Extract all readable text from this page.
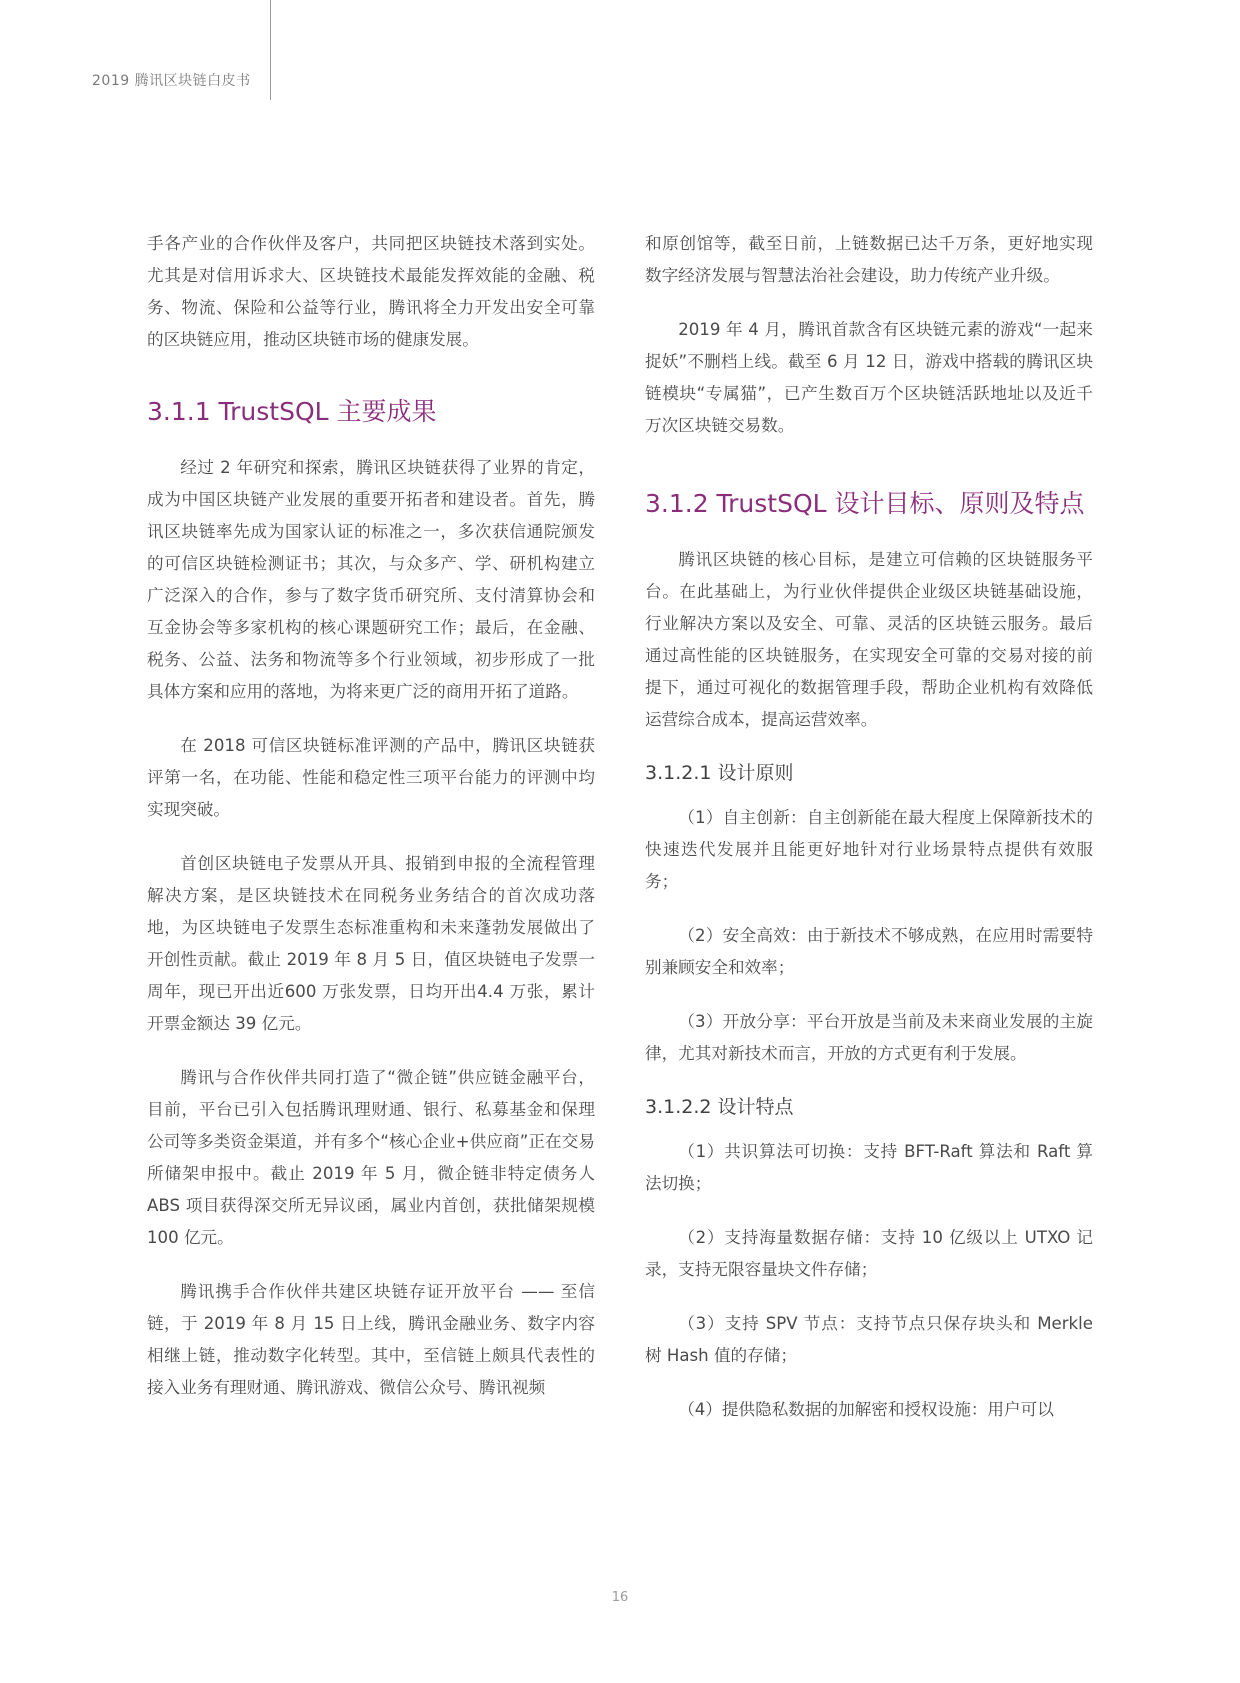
2019 腾讯区块链白皮书

手各产业的合作伙伴及客户，共同把区块链技术落到实处。尤其是对信用诉求大、区块链技术最能发挥效能的金融、税务、物流、保险和公益等行业，腾讯将全力开发出安全可靠的区块链应用，推动区块链市场的健康发展。

3.1.1 TrustSQL 主要成果

经过 2 年研究和探索，腾讯区块链获得了业界的肯定，成为中国区块链产业发展的重要开拓者和建设者。首先，腾讯区块链率先成为国家认证的标准之一，多次获信通院颁发的可信区块链检测证书；其次，与众多产、学、研机构建立广泛深入的合作，参与了数字货币研究所、支付清算协会和互金协会等多家机构的核心课题研究工作；最后，在金融、税务、公益、法务和物流等多个行业领域，初步形成了一批具体方案和应用的落地，为将来更广泛的商用开拓了道路。

在 2018 可信区块链标准评测的产品中，腾讯区块链获评第一名，在功能、性能和稳定性三项平台能力的评测中均实现突破。

首创区块链电子发票从开具、报销到申报的全流程管理解决方案，是区块链技术在同税务业务结合的首次成功落地，为区块链电子发票生态标准重构和未来蓬勃发展做出了开创性贡献。截止 2019 年 8 月 5 日，值区块链电子发票一周年，现已开出近600 万张发票，日均开出4.4 万张，累计开票金额达 39 亿元。

腾讯与合作伙伴共同打造了“微企链”供应链金融平台，目前，平台已引入包括腾讯理财通、银行、私募基金和保理公司等多类资金渠道，并有多个“核心企业+供应商”正在交易所储架申报中。截止 2019 年 5 月，微企链非特定债务人 ABS 项目获得深交所无异议函，属业内首创，获批储架规模 100 亿元。

腾讯携手合作伙伴共建区块链存证开放平台 —— 至信链，于 2019 年 8 月 15 日上线，腾讯金融业务、数字内容相继上链，推动数字化转型。其中，至信链上颇具代表性的接入业务有理财通、腾讯游戏、微信公众号、腾讯视频

和原创馆等，截至日前，上链数据已达千万条，更好地实现数字经济发展与智慧法治社会建设，助力传统产业升级。

2019 年 4 月，腾讯首款含有区块链元素的游戏“一起来捉妖”不删档上线。截至 6 月 12 日，游戏中搭载的腾讯区块链模块“专属猫”，已产生数百万个区块链活跃地址以及近千万次区块链交易数。

3.1.2 TrustSQL 设计目标、原则及特点

腾讯区块链的核心目标，是建立可信赖的区块链服务平台。在此基础上，为行业伙伴提供企业级区块链基础设施，行业解决方案以及安全、可靠、灵活的区块链云服务。最后通过高性能的区块链服务，在实现安全可靠的交易对接的前提下，通过可视化的数据管理手段，帮助企业机构有效降低运营综合成本，提高运营效率。

3.1.2.1 设计原则

（1）自主创新：自主创新能在最大程度上保障新技术的快速迭代发展并且能更好地针对行业场景特点提供有效服务；

（2）安全高效：由于新技术不够成熟，在应用时需要特别兼顾安全和效率；

（3）开放分享：平台开放是当前及未来商业发展的主旋律，尤其对新技术而言，开放的方式更有利于发展。

3.1.2.2 设计特点

（1）共识算法可切换：支持 BFT-Raft 算法和 Raft 算法切换；

（2）支持海量数据存储：支持 10 亿级以上 UTXO 记录，支持无限容量块文件存储；

（3）支持 SPV 节点：支持节点只保存块头和 Merkle 树 Hash 值的存储；

（4）提供隐私数据的加解密和授权设施：用户可以

16
